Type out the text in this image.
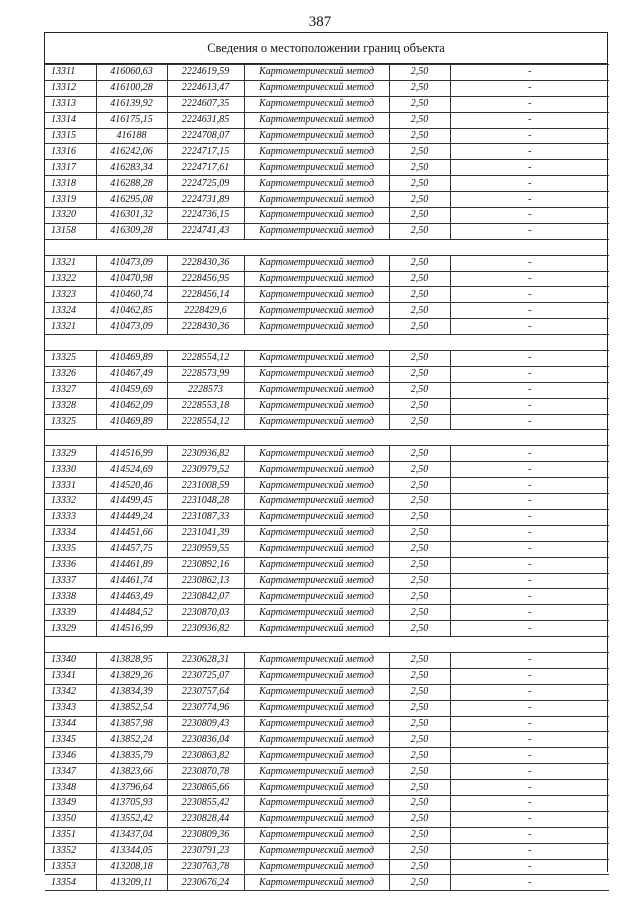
387
Сведения о местоположении границ объекта
13311	416060,63	2224619,59	Картометрический метод	2,50	-
13312	416100,28	2224613,47	Картометрический метод	2,50	-
13313	416139,92	2224607,35	Картометрический метод	2,50	-
13314	416175,15	2224631,85	Картометрический метод	2,50	-
13315	416188	2224708,07	Картометрический метод	2,50	-
13316	416242,06	2224717,15	Картометрический метод	2,50	-
13317	416283,34	2224717,61	Картометрический метод	2,50	-
13318	416288,28	2224725,09	Картометрический метод	2,50	-
13319	416295,08	2224731,89	Картометрический метод	2,50	-
13320	416301,32	2224736,15	Картометрический метод	2,50	-
13158	416309,28	2224741,43	Картометрический метод	2,50	-

13321	410473,09	2228430,36	Картометрический метод	2,50	-
13322	410470,98	2228456,95	Картометрический метод	2,50	-
13323	410460,74	2228456,14	Картометрический метод	2,50	-
13324	410462,85	2228429,6	Картометрический метод	2,50	-
13321	410473,09	2228430,36	Картометрический метод	2,50	-

13325	410469,89	2228554,12	Картометрический метод	2,50	-
13326	410467,49	2228573,99	Картометрический метод	2,50	-
13327	410459,69	2228573	Картометрический метод	2,50	-
13328	410462,09	2228553,18	Картометрический метод	2,50	-
13325	410469,89	2228554,12	Картометрический метод	2,50	-

13329	414516,99	2230936,82	Картометрический метод	2,50	-
13330	414524,69	2230979,52	Картометрический метод	2,50	-
13331	414520,46	2231008,59	Картометрический метод	2,50	-
13332	414499,45	2231048,28	Картометрический метод	2,50	-
13333	414449,24	2231087,33	Картометрический метод	2,50	-
13334	414451,66	2231041,39	Картометрический метод	2,50	-
13335	414457,75	2230959,55	Картометрический метод	2,50	-
13336	414461,89	2230892,16	Картометрический метод	2,50	-
13337	414461,74	2230862,13	Картометрический метод	2,50	-
13338	414463,49	2230842,07	Картометрический метод	2,50	-
13339	414484,52	2230870,03	Картометрический метод	2,50	-
13329	414516,99	2230936,82	Картометрический метод	2,50	-

13340	413828,95	2230628,31	Картометрический метод	2,50	-
13341	413829,26	2230725,07	Картометрический метод	2,50	-
13342	413834,39	2230757,64	Картометрический метод	2,50	-
13343	413852,54	2230774,96	Картометрический метод	2,50	-
13344	413857,98	2230809,43	Картометрический метод	2,50	-
13345	413852,24	2230836,04	Картометрический метод	2,50	-
13346	413835,79	2230863,82	Картометрический метод	2,50	-
13347	413823,66	2230870,78	Картометрический метод	2,50	-
13348	413796,64	2230865,66	Картометрический метод	2,50	-
13349	413705,93	2230855,42	Картометрический метод	2,50	-
13350	413552,42	2230828,44	Картометрический метод	2,50	-
13351	413437,04	2230809,36	Картометрический метод	2,50	-
13352	413344,05	2230791,23	Картометрический метод	2,50	-
13353	413208,18	2230763,78	Картометрический метод	2,50	-
13354	413209,11	2230676,24	Картометрический метод	2,50	-
